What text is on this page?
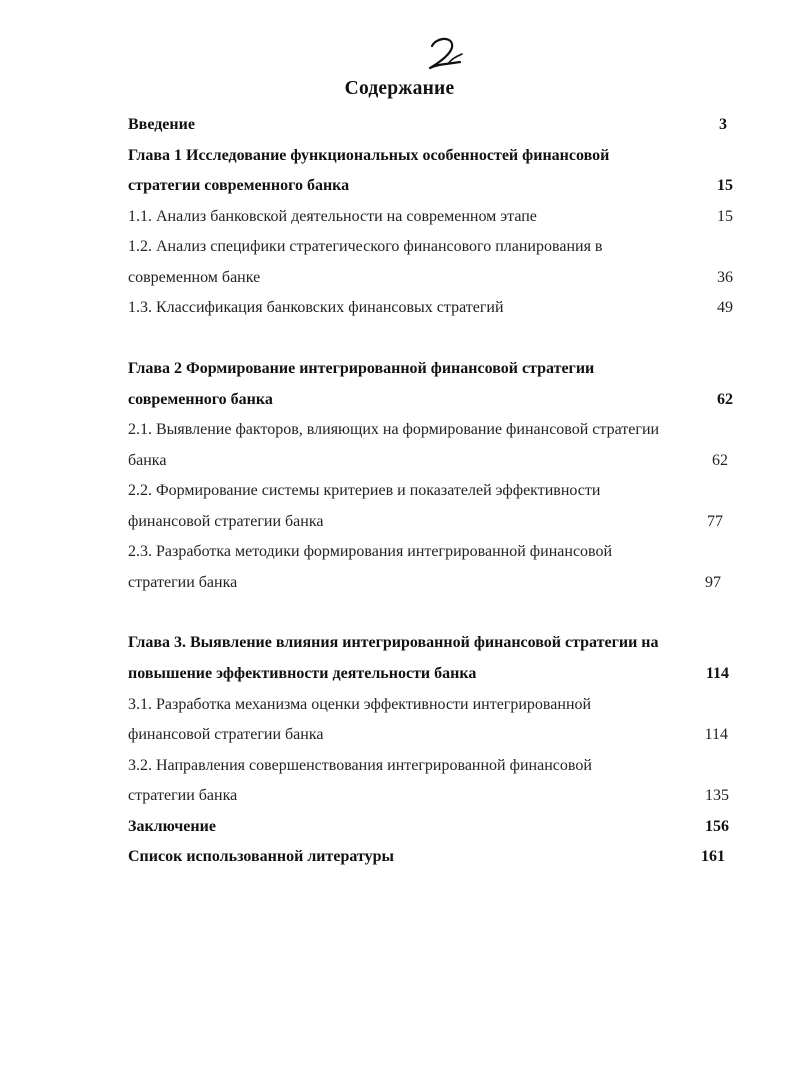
Содержание
Введение	3
Глава 1 Исследование функциональных особенностей финансовой
стратегии современного банка	15
1.1. Анализ банковской деятельности на современном этапе	15
1.2. Анализ специфики стратегического финансового планирования в
современном банке	36
1.3. Классификация банковских финансовых стратегий	49
Глава 2 Формирование интегрированной финансовой стратегии
современного банка	62
2.1. Выявление факторов, влияющих на формирование финансовой стратегии
банка	62
2.2. Формирование системы критериев и показателей эффективности
финансовой стратегии банка	77
2.3. Разработка методики формирования интегрированной финансовой
стратегии банка	97
Глава 3. Выявление влияния интегрированной финансовой стратегии на
повышение эффективности деятельности банка	114
3.1. Разработка механизма оценки эффективности интегрированной
финансовой стратегии банка	114
3.2. Направления совершенствования интегрированной финансовой
стратегии банка	135
Заключение	156
Список использованной литературы	161
